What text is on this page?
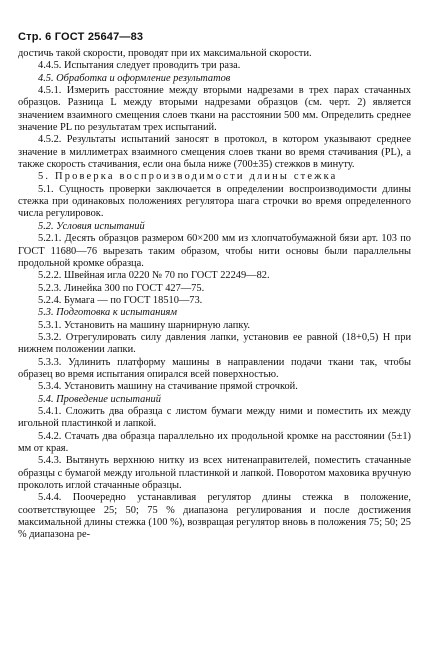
Стр. 6 ГОСТ 25647—83

достичь такой скорости, проводят при их максимальной скорости.

4.4.5. Испытания следует проводить три раза.

4.5. Обработка и оформление результатов

4.5.1. Измерить расстояние между вторыми надрезами в трех парах стачанных образцов. Разница L между вторыми надрезами образцов (см. черт. 2) является значением взаимного смещения слоев ткани на расстоянии 500 мм. Определить среднее значение PL по результатам трех испытаний.

4.5.2. Результаты испытаний заносят в протокол, в котором указывают среднее значение в миллиметрах взаимного смещения слоев ткани во время стачивания (PL), а также скорость стачивания, если она была ниже (700±35) стежков в минуту.

5. Проверка воспроизводимости длины стежка

5.1. Сущность проверки заключается в определении воспроизводимости длины стежка при одинаковых положениях регулятора шага строчки во время определенного числа регулировок.

5.2. Условия испытаний

5.2.1. Десять образцов размером 60×200 мм из хлопчатобумажной бязи арт. 103 по ГОСТ 11680—76 вырезать таким образом, чтобы нити основы были параллельны продольной кромке образца.

5.2.2. Швейная игла 0220 № 70 по ГОСТ 22249—82.

5.2.3. Линейка 300 по ГОСТ 427—75.

5.2.4. Бумага — по ГОСТ 18510—73.

5.3. Подготовка к испытаниям

5.3.1. Установить на машину шарнирную лапку.

5.3.2. Отрегулировать силу давления лапки, установив ее равной (18+0,5) Н при нижнем положении лапки.

5.3.3. Удлинить платформу машины в направлении подачи ткани так, чтобы образец во время испытания опирался всей поверхностью.

5.3.4. Установить машину на стачивание прямой строчкой.

5.4. Проведение испытаний

5.4.1. Сложить два образца с листом бумаги между ними и поместить их между игольной пластинкой и лапкой.

5.4.2. Стачать два образца параллельно их продольной кромке на расстоянии (5±1) мм от края.

5.4.3. Вытянуть верхнюю нитку из всех нитенаправителей, поместить стачанные образцы с бумагой между игольной пластинкой и лапкой. Поворотом маховика вручную проколоть иглой стачанные образцы.

5.4.4. Поочередно устанавливая регулятор длины стежка в положение, соответствующее 25; 50; 75 % диапазона регулирования и после достижения максимальной длины стежка (100 %), возвращая регулятор вновь в положения 75; 50; 25 % диапазона ре-
